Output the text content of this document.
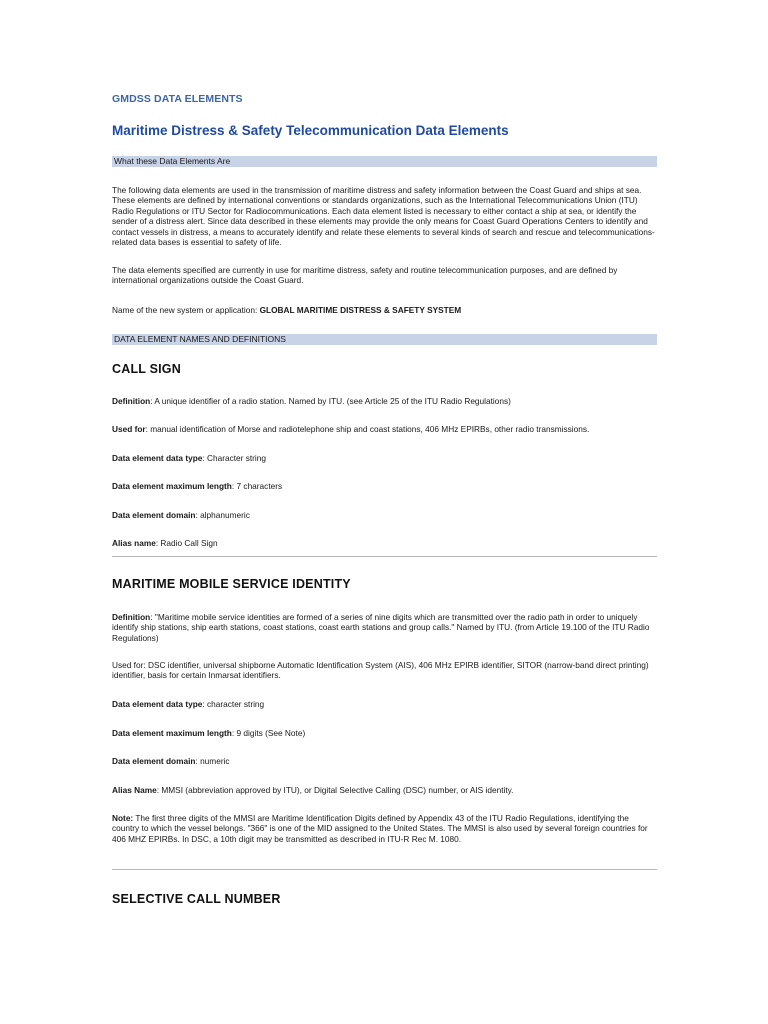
GMDSS DATA ELEMENTS
Maritime Distress & Safety Telecommunication Data Elements
What these Data Elements Are

The following data elements are used in the transmission of maritime distress and safety information between the Coast Guard and ships at sea. These elements are defined by international conventions or standards organizations, such as the International Telecommunications Union (ITU) Radio Regulations or ITU Sector for Radiocommunications. Each data element listed is necessary to either contact a ship at sea, or identify the sender of a distress alert. Since data described in these elements may provide the only means for Coast Guard Operations Centers to identify and contact vessels in distress, a means to accurately identify and relate these elements to several kinds of search and rescue and telecommunications-related data bases is essential to safety of life.

The data elements specified are currently in use for maritime distress, safety and routine telecommunication purposes, and are defined by international organizations outside the Coast Guard.

Name of the new system or application: GLOBAL MARITIME DISTRESS & SAFETY SYSTEM
DATA ELEMENT NAMES AND DEFINITIONS
CALL SIGN
Definition: A unique identifier of a radio station. Named by ITU. (see Article 25 of the ITU Radio Regulations)
Used for: manual identification of Morse and radiotelephone ship and coast stations, 406 MHz EPIRBs, other radio transmissions.
Data element data type: Character string
Data element maximum length: 7 characters
Data element domain: alphanumeric
Alias name: Radio Call Sign
MARITIME MOBILE SERVICE IDENTITY
Definition: "Maritime mobile service identities are formed of a series of nine digits which are transmitted over the radio path in order to uniquely identify ship stations, ship earth stations, coast stations, coast earth stations and group calls." Named by ITU. (from Article 19.100 of the ITU Radio Regulations)
Used for: DSC identifier, universal shipborne Automatic Identification System (AIS), 406 MHz EPIRB identifier, SITOR (narrow-band direct printing) identifier, basis for certain Inmarsat identifiers.
Data element data type: character string
Data element maximum length: 9 digits (See Note)
Data element domain: numeric
Alias Name: MMSI (abbreviation approved by ITU), or Digital Selective Calling (DSC) number, or AIS identity.
Note: The first three digits of the MMSI are Maritime Identification Digits defined by Appendix 43 of the ITU Radio Regulations, identifying the country to which the vessel belongs. "366" is one of the MID assigned to the United States. The MMSI is also used by several foreign countries for 406 MHZ EPIRBs. In DSC, a 10th digit may be transmitted as described in ITU-R Rec M. 1080.
SELECTIVE CALL NUMBER
